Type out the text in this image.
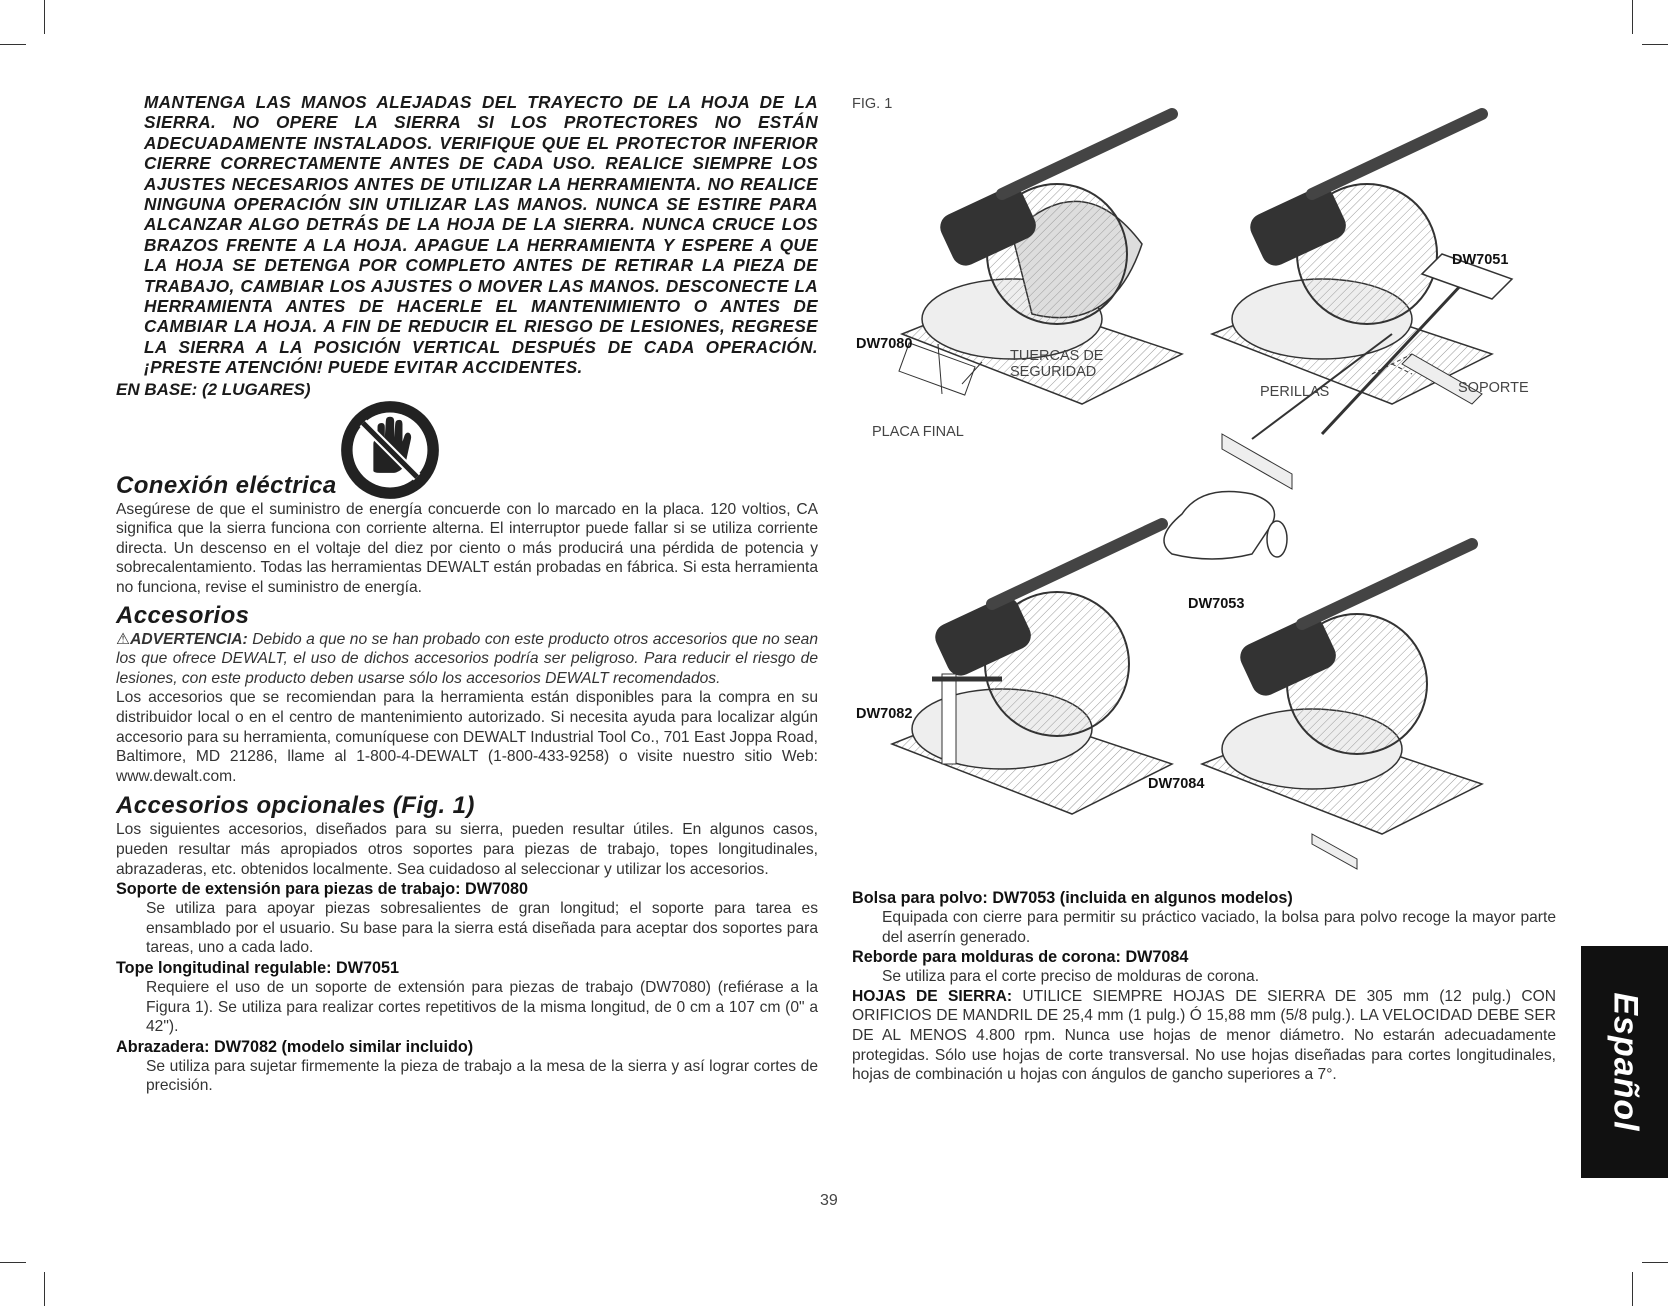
MANTENGA LAS MANOS ALEJADAS DEL TRAYECTO DE LA HOJA DE LA SIERRA. NO OPERE LA SIERRA SI LOS PROTECTORES NO ESTÁN ADECUADAMENTE INSTALADOS. VERIFIQUE QUE EL PROTECTOR INFERIOR CIERRE CORRECTAMENTE ANTES DE CADA USO. REALICE SIEMPRE LOS AJUSTES NECESARIOS ANTES DE UTILIZAR LA HERRAMIENTA. NO REALICE NINGUNA OPERACIÓN SIN UTILIZAR LAS MANOS. NUNCA SE ESTIRE PARA ALCANZAR ALGO DETRÁS DE LA HOJA DE LA SIERRA. NUNCA CRUCE LOS BRAZOS FRENTE A LA HOJA. APAGUE LA HERRAMIENTA Y ESPERE A QUE LA HOJA SE DETENGA POR COMPLETO ANTES DE RETIRAR LA PIEZA DE TRABAJO, CAMBIAR LOS AJUSTES O MOVER LAS MANOS. DESCONECTE LA HERRAMIENTA ANTES DE HACERLE EL MANTENIMIENTO O ANTES DE CAMBIAR LA HOJA. A FIN DE REDUCIR EL RIESGO DE LESIONES, REGRESE LA SIERRA A LA POSICIÓN VERTICAL DESPUÉS DE CADA OPERACIÓN. ¡PRESTE ATENCIÓN! PUEDE EVITAR ACCIDENTES.
EN BASE: (2 LUGARES)
Conexión eléctrica
Asegúrese de que el suministro de energía concuerde con lo marcado en la placa. 120 voltios, CA significa que la sierra funciona con corriente alterna. El interruptor puede fallar si se utiliza corriente directa. Un descenso en el voltaje del diez por ciento o más producirá una pérdida de potencia y sobrecalentamiento. Todas las herramientas DEWALT están probadas en fábrica. Si esta herramienta no funciona, revise el suministro de energía.
Accesorios
⚠ADVERTENCIA: Debido a que no se han probado con este producto otros accesorios que no sean los que ofrece DEWALT, el uso de dichos accesorios podría ser peligroso. Para reducir el riesgo de lesiones, con este producto deben usarse sólo los accesorios DEWALT recomendados.
Los accesorios que se recomiendan para la herramienta están disponibles para la compra en su distribuidor local o en el centro de mantenimiento autorizado. Si necesita ayuda para localizar algún accesorio para su herramienta, comuníquese con DEWALT Industrial Tool Co., 701 East Joppa Road, Baltimore, MD 21286, llame al 1-800-4-DEWALT (1-800-433-9258) o visite nuestro sitio Web: www.dewalt.com.
Accesorios opcionales (Fig. 1)
Los siguientes accesorios, diseñados para su sierra, pueden resultar útiles. En algunos casos, pueden resultar más apropiados otros soportes para piezas de trabajo, topes longitudinales, abrazaderas, etc. obtenidos localmente. Sea cuidadoso al seleccionar y utilizar los accesorios.
Soporte de extensión para piezas de trabajo: DW7080
Se utiliza para apoyar piezas sobresalientes de gran longitud; el soporte para tarea es ensamblado por el usuario. Su base para la sierra está diseñada para aceptar dos soportes para tareas, uno a cada lado.
Tope longitudinal regulable: DW7051
Requiere el uso de un soporte de extensión para piezas de trabajo (DW7080) (refiérase a la Figura 1). Se utiliza para realizar cortes repetitivos de la misma longitud, de 0 cm a 107 cm (0" a 42").
Abrazadera: DW7082 (modelo similar incluido)
Se utiliza para sujetar firmemente la pieza de trabajo a la mesa de la sierra y así lograr cortes de precisión.
FIG. 1
DW7080
DW7051
DW7082
DW7053
DW7084
TUERCAS DE
SEGURIDAD
PLACA FINAL
PERILLAS	SOPORTE
Bolsa para polvo: DW7053 (incluida en algunos modelos)
Equipada con cierre para permitir su práctico vaciado, la bolsa para polvo recoge la mayor parte del aserrín generado.
Reborde para molduras de corona: DW7084
Se utiliza para el corte preciso de molduras de corona.
HOJAS DE SIERRA: UTILICE SIEMPRE HOJAS DE SIERRA DE 305 mm (12 pulg.) CON ORIFICIOS DE MANDRIL DE 25,4 mm (1 pulg.) Ó 15,88 mm (5/8 pulg.). LA VELOCIDAD DEBE SER DE AL MENOS 4.800 rpm. Nunca use hojas de menor diámetro. No estarán adecuadamente protegidas. Sólo use hojas de corte transversal. No use hojas diseñadas para cortes longitudinales, hojas de combinación u hojas con ángulos de gancho superiores a 7°.	Español
39
